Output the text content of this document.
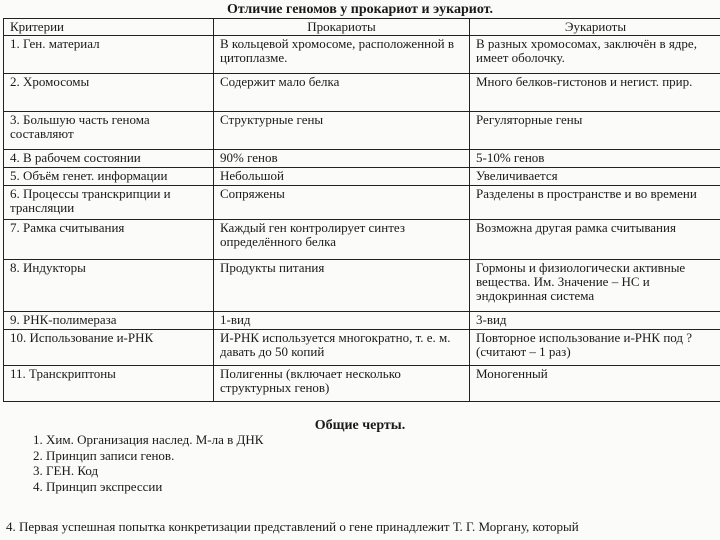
Отличие геномов у прокариот и эукариот.
Критерии	Прокариоты	Эукариоты
1. Ген. материал	В кольцевой хромосоме, расположенной в цитоплазме.	В разных хромосомах, заключён в ядре, имеет оболочку.
2. Хромосомы	Содержит мало белка	Много белков-гистонов и негист. прир.
3. Большую часть генома составляют	Структурные гены	Регуляторные гены
4. В рабочем состоянии	90% генов	5-10% генов
5. Объём генет. информации	Небольшой	Увеличивается
6. Процессы транскрипции и трансляции	Сопряжены	Разделены в пространстве и во времени
7. Рамка считывания	Каждый ген контролирует синтез определённого белка	Возможна другая рамка считывания
8. Индукторы	Продукты питания	Гормоны и физиологически активные вещества. Им. Значение – НС и эндокринная система
9. РНК-полимераза	1-вид	3-вид
10. Использование и-РНК	И-РНК используется многократно, т. е. м. давать до 50 копий	Повторное использование и-РНК под ? (считают – 1 раз)
11. Транскриптоны	Полигенны (включает несколько структурных генов)	Моногенный
Общие черты.
1. Хим. Организация наслед. М-ла в ДНК
2. Принцип записи генов.
3. ГЕН. Код
4. Принцип экспрессии
4. Первая успешная попытка конкретизации представлений о гене принадлежит Т. Г. Моргану, который
